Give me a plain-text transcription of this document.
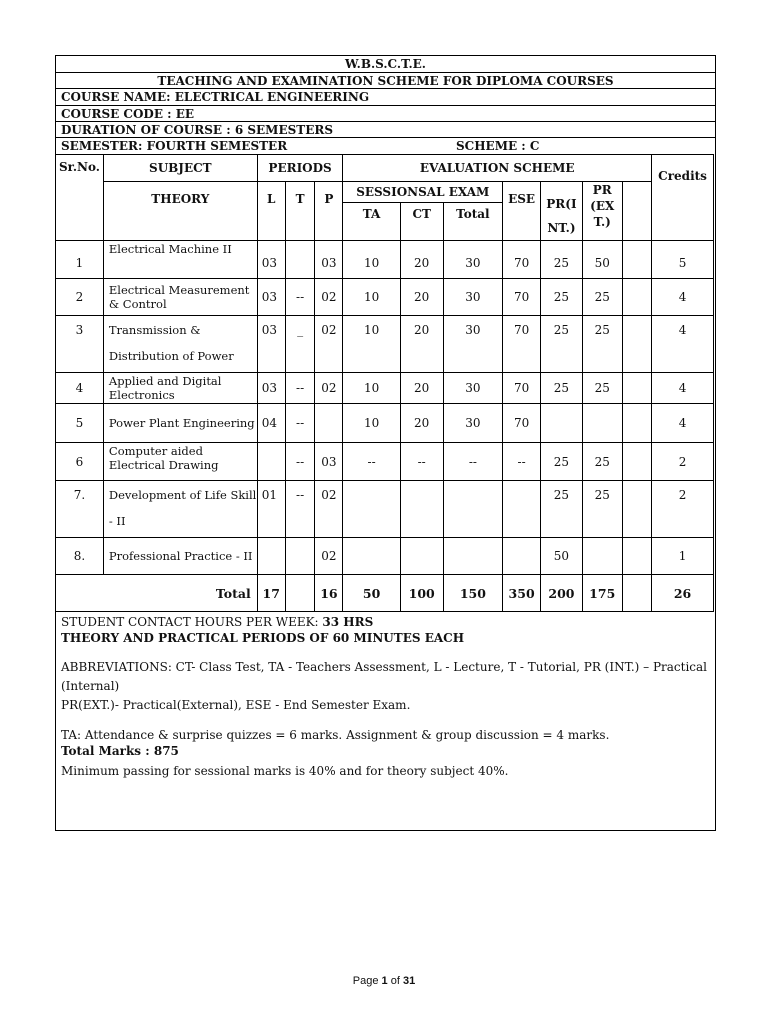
W.B.S.C.T.E.
TEACHING AND EXAMINATION SCHEME FOR DIPLOMA COURSES
COURSE NAME: ELECTRICAL ENGINEERING
COURSE CODE : EE
DURATION OF COURSE : 6 SEMESTERS
SEMESTER: FOURTH SEMESTER	SCHEME : C
Sr.No.	SUBJECT	PERIODS			EVALUATION SCHEME							Credits
	THEORY	L	T	P	SESSIONSAL EXAM			ESE	PR(I NT.)	PR (EX T.)		
					TA	CT	Total					
1	Electrical Machine II	03		03	10	20	30	70	25	50		5
2	Electrical Measurement & Control	03	--	02	10	20	30	70	25	25		4
3	Transmission & Distribution of Power	03	_	02	10	20	30	70	25	25		4
4	Applied and Digital Electronics	03	--	02	10	20	30	70	25	25		4
5	Power Plant Engineering	04	--		10	20	30	70				4
6	Computer aided Electrical Drawing		--	03	--	--	--	--	25	25		2
7.	Development of Life Skill - II	01	--	02					25	25		2
8.	Professional Practice - II			02					50			1
Total		17		16	50	100	150	350	200	175		26

STUDENT CONTACT HOURS PER WEEK: 33 HRS

THEORY AND PRACTICAL PERIODS OF 60 MINUTES EACH

ABBREVIATIONS: CT- Class Test, TA - Teachers Assessment, L - Lecture, T - Tutorial, PR (INT.) – Practical (Internal)

PR(EXT.)- Practical(External), ESE - End Semester Exam.

TA: Attendance & surprise quizzes = 6 marks. Assignment & group discussion = 4 marks.

Total Marks : 875

Minimum passing for sessional marks is 40% and for theory subject 40%.

Page 1 of 31
